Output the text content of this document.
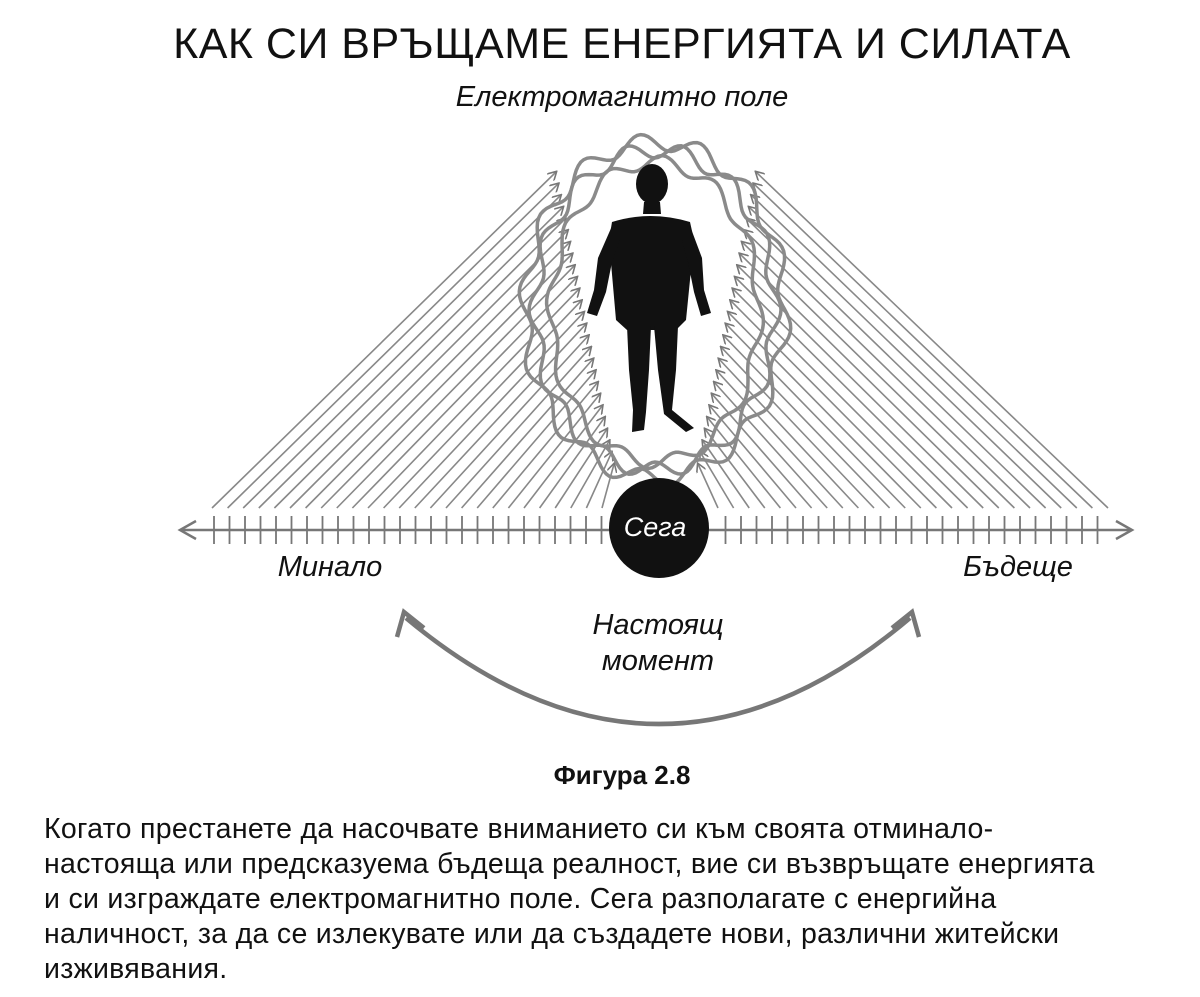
КАК СИ ВРЪЩАМЕ ЕНЕРГИЯТА И СИЛАТА
Електромагнитно поле
Сега
Минало	Бъдеще
Настоящ
момент
Фигура 2.8
Когато престанете да насочвате вниманието си към своята отминало-
настояща или предсказуема бъдеща реалност, вие си възвръщате енергията
и си изграждате електромагнитно поле. Сега разполагате с енергийна
наличност, за да се излекувате или да създадете нови, различни житейски
изживявания.
